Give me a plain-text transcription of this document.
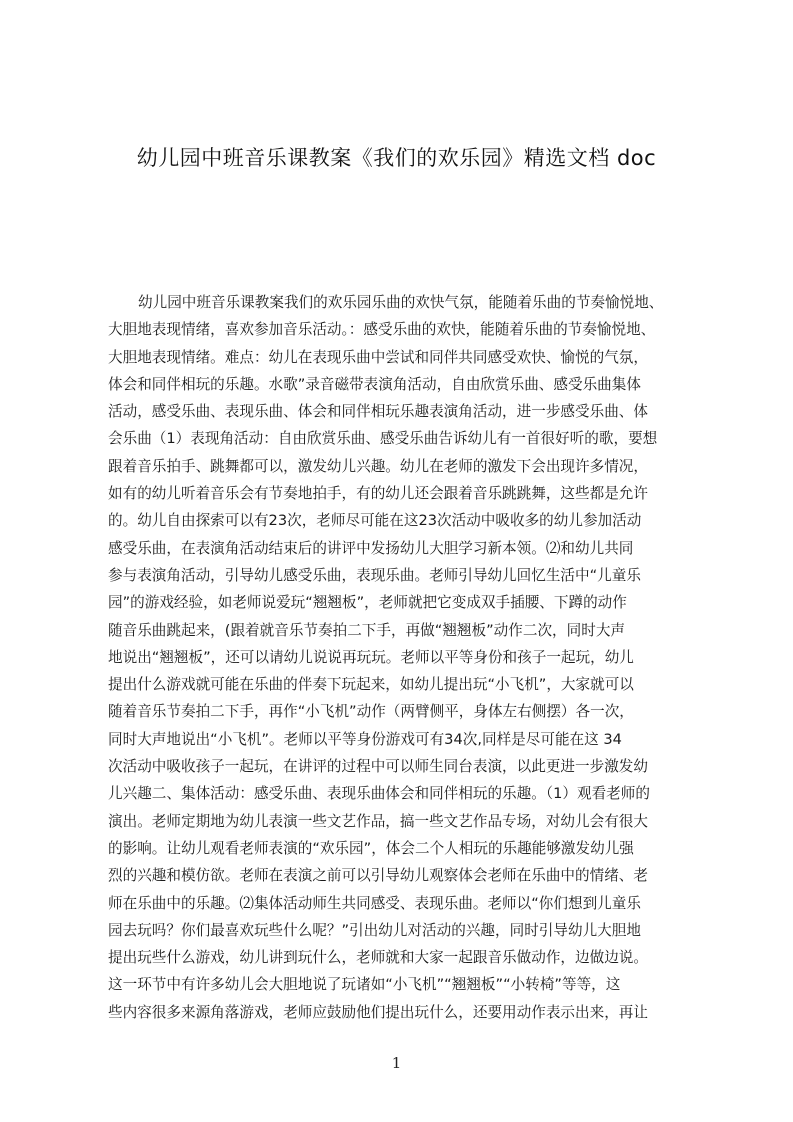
幼儿园中班音乐课教案《我们的欢乐园》精选文档 doc
幼儿园中班音乐课教案我们的欢乐园乐曲的欢快气氛，能随着乐曲的节奏愉悦地、
大胆地表现情绪，喜欢参加音乐活动。：感受乐曲的欢快，能随着乐曲的节奏愉悦地、
大胆地表现情绪。难点：幼儿在表现乐曲中尝试和同伴共同感受欢快、愉悦的气氛，
体会和同伴相玩的乐趣。水歌”录音磁带表演角活动，自由欣赏乐曲、感受乐曲集体
活动，感受乐曲、表现乐曲、体会和同伴相玩乐趣表演角活动，进一步感受乐曲、体
会乐曲（1）表现角活动：自由欣赏乐曲、感受乐曲告诉幼儿有一首很好听的歌，要想
跟着音乐拍手、跳舞都可以，激发幼儿兴趣。幼儿在老师的激发下会出现许多情况，
如有的幼儿听着音乐会有节奏地拍手，有的幼儿还会跟着音乐跳跳舞，这些都是允许
的。幼儿自由探索可以有23次，老师尽可能在这23次活动中吸收多的幼儿参加活动
感受乐曲，在表演角活动结束后的讲评中发扬幼儿大胆学习新本领。⑵和幼儿共同
参与表演角活动，引导幼儿感受乐曲，表现乐曲。老师引导幼儿回忆生活中“儿童乐
园”的游戏经验，如老师说爱玩“翘翘板”，老师就把它变成双手插腰、下蹲的动作
随音乐曲跳起来，(跟着就音乐节奏拍二下手，再做“翘翘板”动作二次，同时大声
地说出“翘翘板”，还可以请幼儿说说再玩玩。老师以平等身份和孩子一起玩，幼儿
提出什么游戏就可能在乐曲的伴奏下玩起来，如幼儿提出玩“小飞机”，大家就可以
随着音乐节奏拍二下手，再作“小飞机”动作（两臂侧平，身体左右侧摆）各一次，
同时大声地说出“小飞机”。老师以平等身份游戏可有34次,同样是尽可能在这 34
次活动中吸收孩子一起玩，在讲评的过程中可以师生同台表演，以此更进一步激发幼
儿兴趣二、集体活动：感受乐曲、表现乐曲体会和同伴相玩的乐趣。（1）观看老师的
演出。老师定期地为幼儿表演一些文艺作品，搞一些文艺作品专场，对幼儿会有很大
的影响。让幼儿观看老师表演的“欢乐园”，体会二个人相玩的乐趣能够激发幼儿强
烈的兴趣和模仿欲。老师在表演之前可以引导幼儿观察体会老师在乐曲中的情绪、老
师在乐曲中的乐趣。⑵集体活动师生共同感受、表现乐曲。老师以“你们想到儿童乐
园去玩吗？你们最喜欢玩些什么呢？”引出幼儿对活动的兴趣，同时引导幼儿大胆地
提出玩些什么游戏，幼儿讲到玩什么，老师就和大家一起跟音乐做动作，边做边说。
这一环节中有许多幼儿会大胆地说了玩诸如“小飞机”“翘翘板”“小转椅”等等，这
些内容很多来源角落游戏，老师应鼓励他们提出玩什么，还要用动作表示出来，再让
1
